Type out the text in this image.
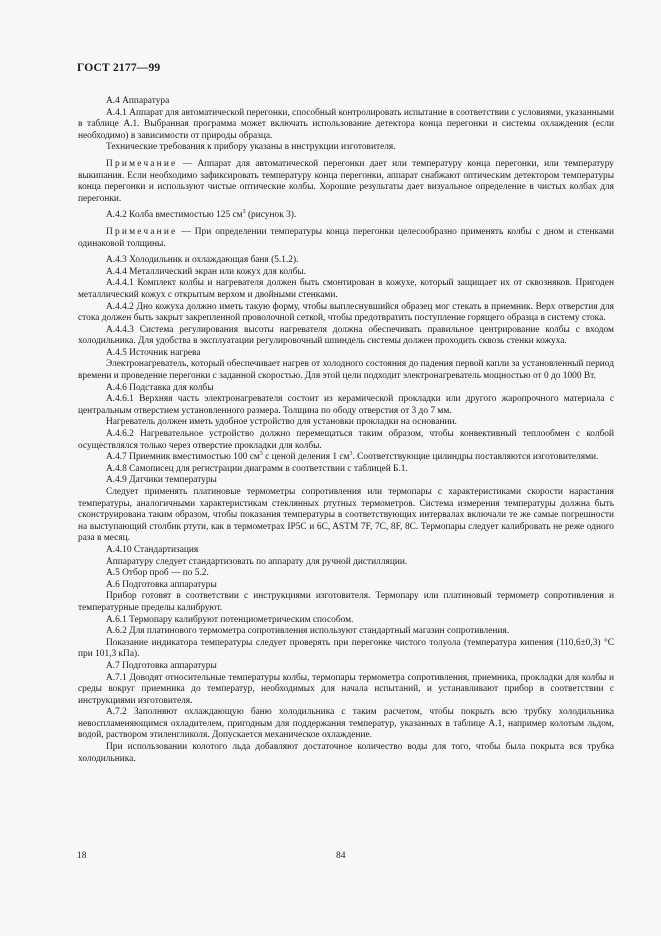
ГОСТ 2177—99

А.4 Аппаратура

А.4.1 Аппарат для автоматической перегонки, способный контролировать испытание в соответствии с условиями, указанными в таблице А.1. Выбранная программа может включать использование детектора конца перегонки и системы охлаждения (если необходимо) в зависимости от природы образца.

Технические требования к прибору указаны в инструкции изготовителя.

Примечание — Аппарат для автоматической перегонки дает или температуру конца перегонки, или температуру выкипания. Если необходимо зафиксировать температуру конца перегонки, аппарат снабжают оптическим детектором температуры конца перегонки и используют чистые оптические колбы. Хорошие результаты дает визуальное определение в чистых колбах для перегонки.

А.4.2 Колба вместимостью 125 $см^3$ (рисунок 3).

Примечание — При определении температуры конца перегонки целесообразно применять колбы с дном и стенками одинаковой толщины.

А.4.3 Холодильник и охлаждающая баня (5.1.2).

А.4.4 Металлический экран или кожух для колбы.

А.4.4.1 Комплект колбы и нагревателя должен быть смонтирован в кожухе, который защищает их от сквозняков. Пригоден металлический кожух с открытым верхом и двойными стенками.

А.4.4.2 Дно кожуха должно иметь такую форму, чтобы выплеснувшийся образец мог стекать в приемник. Верх отверстия для стока должен быть закрыт закрепленной проволочной сеткой, чтобы предотвратить поступление горящего образца в систему стока.

А.4.4.3 Система регулирования высоты нагревателя должна обеспечивать правильное центрирование колбы с входом холодильника. Для удобства в эксплуатации регулировочный шпиндель системы должен проходить сквозь стенки кожуха.

А.4.5 Источник нагрева

Электронагреватель, который обеспечивает нагрев от холодного состояния до падения первой капли за установленный период времени и проведение перегонки с заданной скоростью. Для этой цели подходит электронагреватель мощностью от 0 до 1000 Вт.

А.4.6 Подставка для колбы

А.4.6.1 Верхняя часть электронагревателя состоит из керамической прокладки или другого жаропрочного материала с центральным отверстием установленного размера. Толщина по ободу отверстия от 3 до 7 мм.

Нагреватель должен иметь удобное устройство для установки прокладки на основании.

А.4.6.2 Нагревательное устройство должно перемещаться таким образом, чтобы конвективный теплообмен с колбой осуществлялся только через отверстие прокладки для колбы.

А.4.7 Приемник вместимостью 100 $см^3$ с ценой деления 1 $см^3$. Соответствующие цилиндры поставляются изготовителями.

А.4.8 Самописец для регистрации диаграмм в соответствии с таблицей Б.1.

А.4.9 Датчики температуры

Следует применять платиновые термометры сопротивления или термопары с характеристиками скорости нарастания температуры, аналогичными характеристикам стеклянных ртутных термометров. Система измерения температуры должна быть сконструирована таким образом, чтобы показания температуры в соответствующих интервалах включали те же самые погрешности на выступающий столбик ртути, как в термометрах IP5C и 6C, ASTM 7F, 7C, 8F, 8C. Термопары следует калибровать не реже одного раза в месяц.

А.4.10 Стандартизация

Аппаратуру следует стандартизовать по аппарату для ручной дистилляции.

А.5 Отбор проб — по 5.2.

А.6 Подготовка аппаратуры

Прибор готовят в соответствии с инструкциями изготовителя. Термопару или платиновый термометр сопротивления и температурные пределы калибруют.

А.6.1 Термопару калибруют потенциометрическим способом.

А.6.2 Для платинового термометра сопротивления используют стандартный магазин сопротивления.

Показание индикатора температуры следует проверять при перегонке чистого толуола (температура кипения (110,6±0,3) °С при 101,3 кПа).

А.7 Подготовка аппаратуры

А.7.1 Доводят относительные температуры колбы, термопары термометра сопротивления, приемника, прокладки для колбы и среды вокруг приемника до температур, необходимых для начала испытаний, и устанавливают прибор в соответствии с инструкциями изготовителя.

А.7.2 Заполняют охлаждающую баню холодильника с таким расчетом, чтобы покрыть всю трубку холодильника невоспламеняющимся охладителем, пригодным для поддержания температур, указанных в таблице А.1, например колотым льдом, водой, раствором этиленгликоля. Допускается механическое охлаждение.

При использовании колотого льда добавляют достаточное количество воды для того, чтобы была покрыта вся трубка холодильника.

18	84
